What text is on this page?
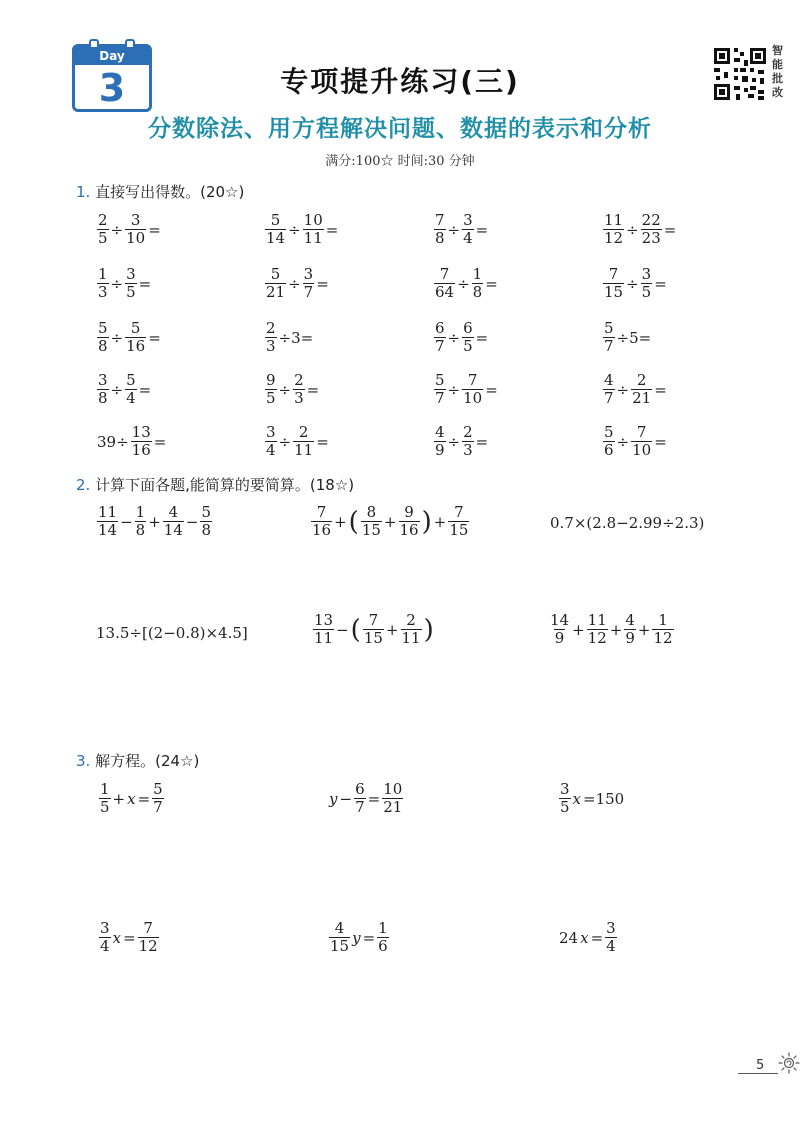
Day
3	专项提升练习(三)
分数除法、用方程解决问题、数据的表示和分析
满分:100☆ 时间:30 分钟
智能批改
1. 直接写出得数。(20☆)
$\frac{2}{5} \div \frac{3}{10}$ =	$\frac{5}{14} \div \frac{10}{11}$ =	$\frac{7}{8} \div \frac{3}{4}$ =	$\frac{11}{12} \div \frac{22}{23}$ =
$\frac{1}{3} \div \frac{3}{5}$ =	$\frac{5}{21} \div \frac{3}{7}$ =	$\frac{7}{64} \div \frac{1}{8}$ =	$\frac{7}{15} \div \frac{3}{5}$ =
$\frac{5}{8} \div \frac{5}{16}$ =	$\frac{2}{3} \div 3=$	$\frac{6}{7} \div \frac{6}{5}$ =	$\frac{5}{7} \div 5=$
$\frac{3}{8} \div \frac{5}{4}$ =	$\frac{9}{5} \div \frac{2}{3}$ =	$\frac{5}{7} \div \frac{7}{10}$ =	$\frac{4}{7} \div \frac{2}{21}$ =
$39\div \frac{13}{16}$ =	$\frac{3}{4} \div \frac{2}{11}$ =	$\frac{4}{9} \div \frac{2}{3}$ =	$\frac{5}{6} \div \frac{7}{10}$ =
2. 计算下面各题,能简算的要简算。(18☆)
$\frac{11}{14} - \frac{1}{8} + \frac{4}{14} - \frac{5}{8}$	$\frac{7}{16}$ + ( $\frac{8}{15} + \frac{9}{16}$ ) + $\frac{7}{15}$	0.7×(2.8−2.99÷2.3)
13.5÷[(2−0.8)×4.5]	$\frac{13}{11}$ − ( $\frac{7}{15} + \frac{2}{11}$ )	$\frac{14}{9} + \frac{11}{12} + \frac{4}{9} + \frac{1}{12}$
3. 解方程。(24☆)
$\frac{1}{5} + x = \frac{5}{7}$	$y - \frac{6}{7} = \frac{10}{21}$	$\frac{3}{5}$ x =150
$\frac{3}{4}$ $x = \frac{7}{12}$	$\frac{4}{15}$ $y = \frac{1}{6}$	24 $x = \frac{3}{4}$
5
